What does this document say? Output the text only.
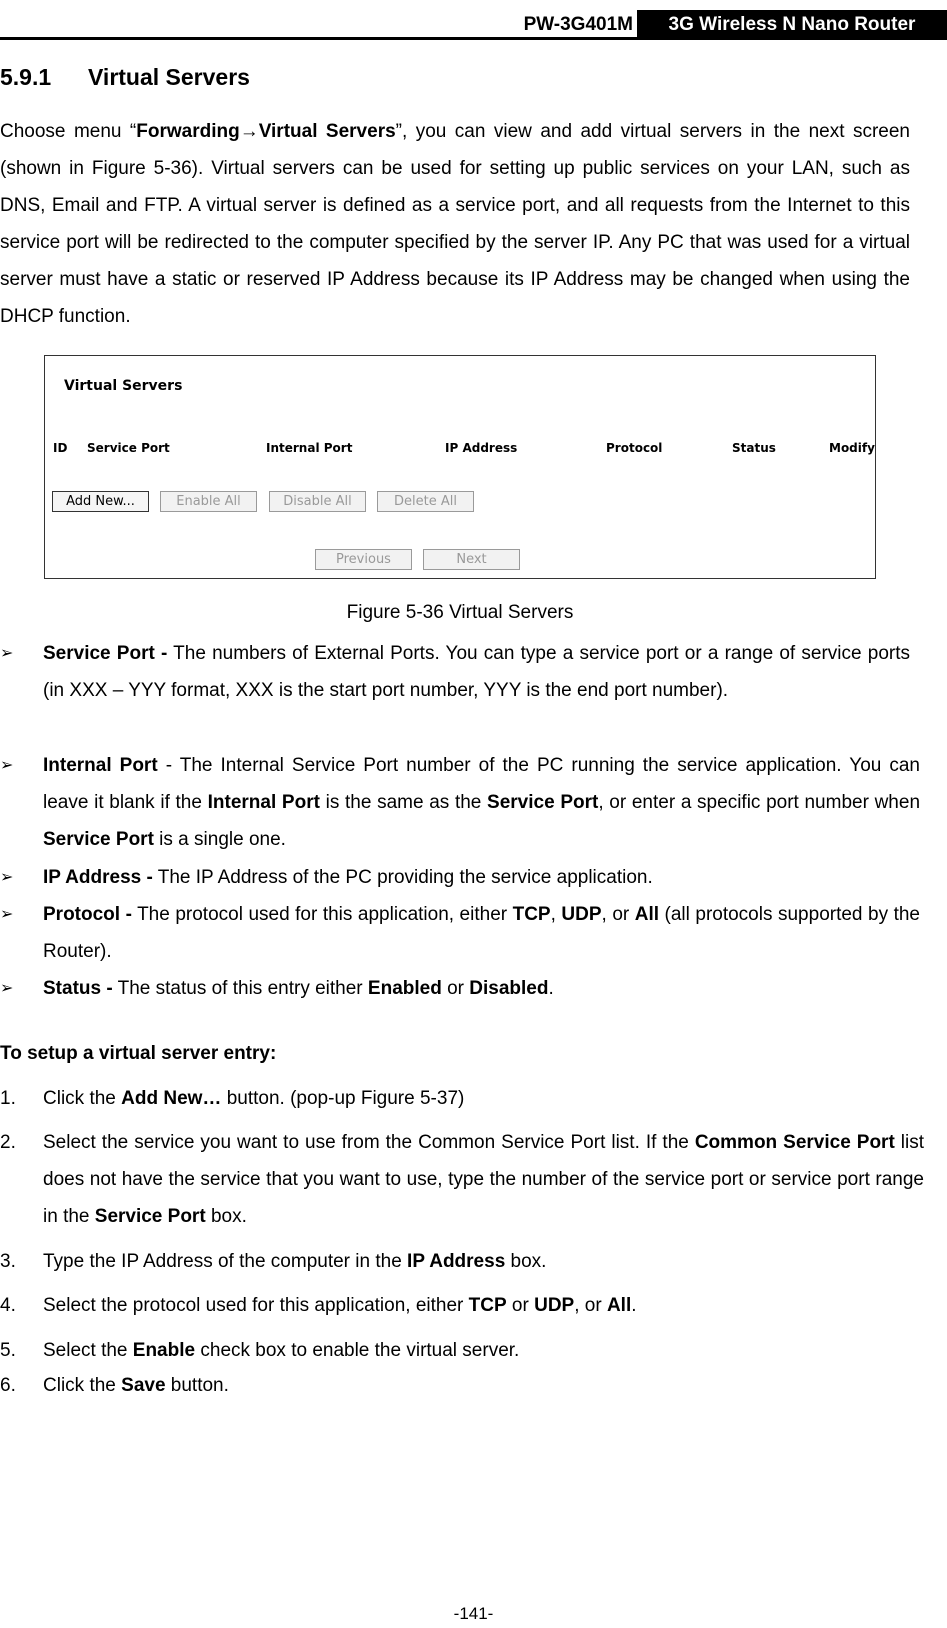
PW-3G401M	3G Wireless N Nano Router
5.9.1 Virtual Servers
Choose menu “Forwarding→Virtual Servers”, you can view and add virtual servers in the next screen (shown in Figure 5-36). Virtual servers can be used for setting up public services on your LAN, such as DNS, Email and FTP. A virtual server is defined as a service port, and all requests from the Internet to this service port will be redirected to the computer specified by the server IP. Any PC that was used for a virtual server must have a static or reserved IP Address because its IP Address may be changed when using the DHCP function.
Virtual Servers
ID Service Port	Internal Port	IP Address	Protocol	Status	Modify
Add New...	Enable All	Disable All	Delete All
Previous	Next
Figure 5-36 Virtual Servers
➢ Service Port - The numbers of External Ports. You can type a service port or a range of service ports (in XXX – YYY format, XXX is the start port number, YYY is the end port number).
➢ Internal Port - The Internal Service Port number of the PC running the service application. You can leave it blank if the Internal Port is the same as the Service Port, or enter a specific port number when Service Port is a single one.
➢ IP Address - The IP Address of the PC providing the service application.
➢ Protocol - The protocol used for this application, either TCP, UDP, or All (all protocols supported by the Router).
➢ Status - The status of this entry either Enabled or Disabled.
To setup a virtual server entry:
1. Click the Add New… button. (pop-up Figure 5-37)
2. Select the service you want to use from the Common Service Port list. If the Common Service Port list does not have the service that you want to use, type the number of the service port or service port range in the Service Port box.
3. Type the IP Address of the computer in the IP Address box.
4. Select the protocol used for this application, either TCP or UDP, or All.
5. Select the Enable check box to enable the virtual server.
6. Click the Save button.
-141-
